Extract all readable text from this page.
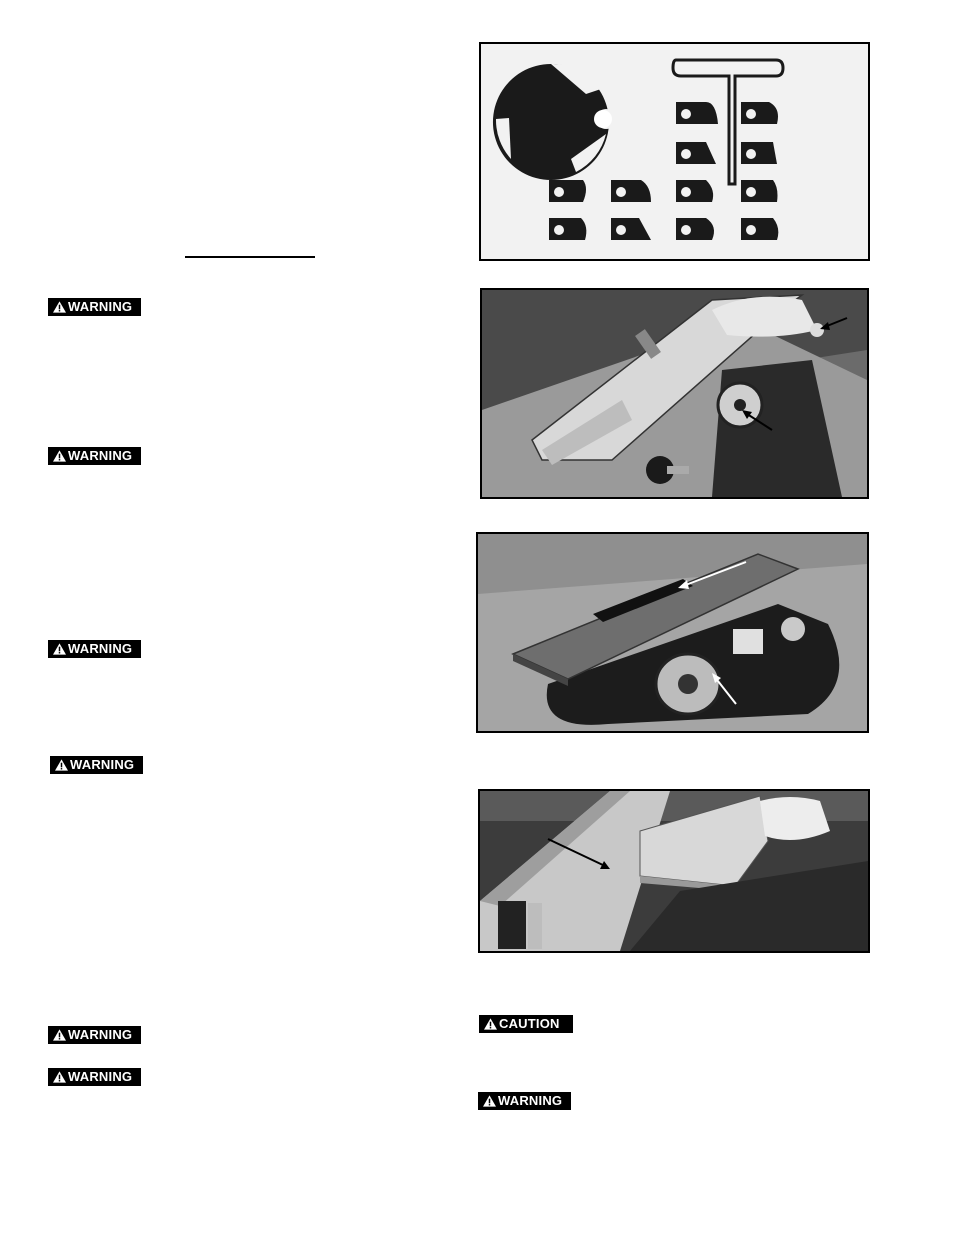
WARNING
WARNING
WARNING
WARNING
WARNING
WARNING
CAUTION
WARNING
